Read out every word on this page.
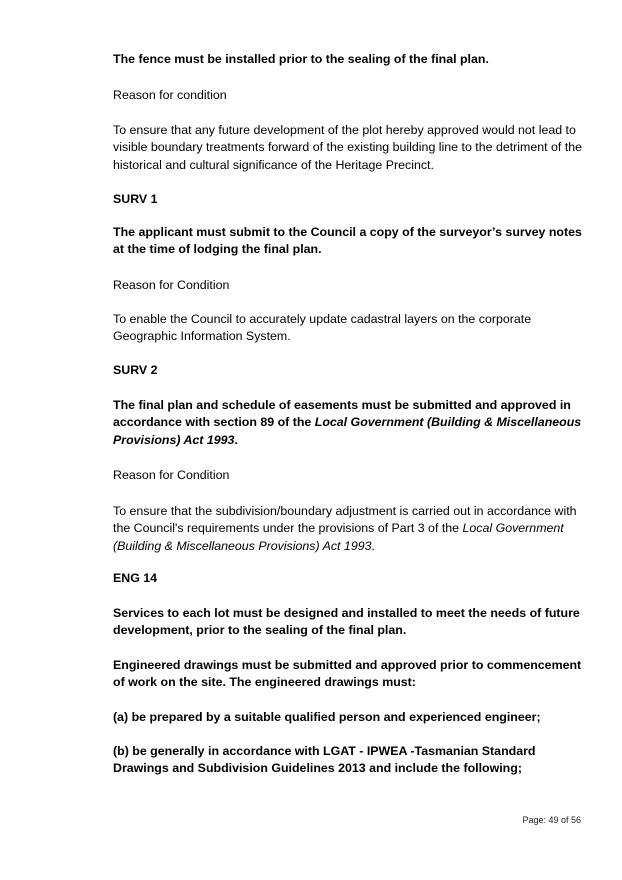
The fence must be installed prior to the sealing of the final plan.

Reason for condition

To ensure that any future development of the plot hereby approved would not lead to visible boundary treatments forward of the existing building line to the detriment of the historical and cultural significance of the Heritage Precinct.

SURV 1

The applicant must submit to the Council a copy of the surveyor’s survey notes at the time of lodging the final plan.

Reason for Condition

To enable the Council to accurately update cadastral layers on the corporate Geographic Information System.

SURV 2

The final plan and schedule of easements must be submitted and approved in accordance with section 89 of the Local Government (Building & Miscellaneous Provisions) Act 1993.

Reason for Condition

To ensure that the subdivision/boundary adjustment is carried out in accordance with the Council's requirements under the provisions of Part 3 of the Local Government (Building & Miscellaneous Provisions) Act 1993.

ENG 14

Services to each lot must be designed and installed to meet the needs of future development, prior to the sealing of the final plan.

Engineered drawings must be submitted and approved prior to commencement of work on the site. The engineered drawings must:

(a) be prepared by a suitable qualified person and experienced engineer;

(b) be generally in accordance with LGAT - IPWEA -Tasmanian Standard Drawings and Subdivision Guidelines 2013 and include the following;

Page: 49 of 56
